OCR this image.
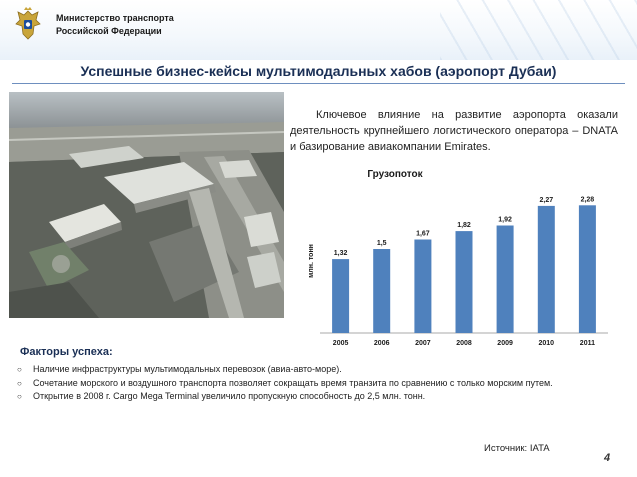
Министерство транспорта
Российской Федерации
Успешные бизнес-кейсы мультимодальных хабов (аэропорт Дубаи)
Ключевое влияние на развитие аэропорта оказали деятельность крупнейшего логистического оператора – DNATA и базирование авиакомпании Emirates.
Грузопоток
млн. тонн	1,32
2005
1,5
2006
1,67
2007
1,82
2008
1,92
2009
2,27
2010
2,28
2011
Факторы успеха:
○ Наличие инфраструктуры мультимодальных перевозок (авиа-авто-море).
○ Сочетание морского и воздушного транспорта позволяет сокращать время транзита по сравнению с только морским путем.
○ Открытие в 2008 г. Cargo Mega Terminal увеличило пропускную способность до 2,5 млн. тонн.
Источник: IATA
4
